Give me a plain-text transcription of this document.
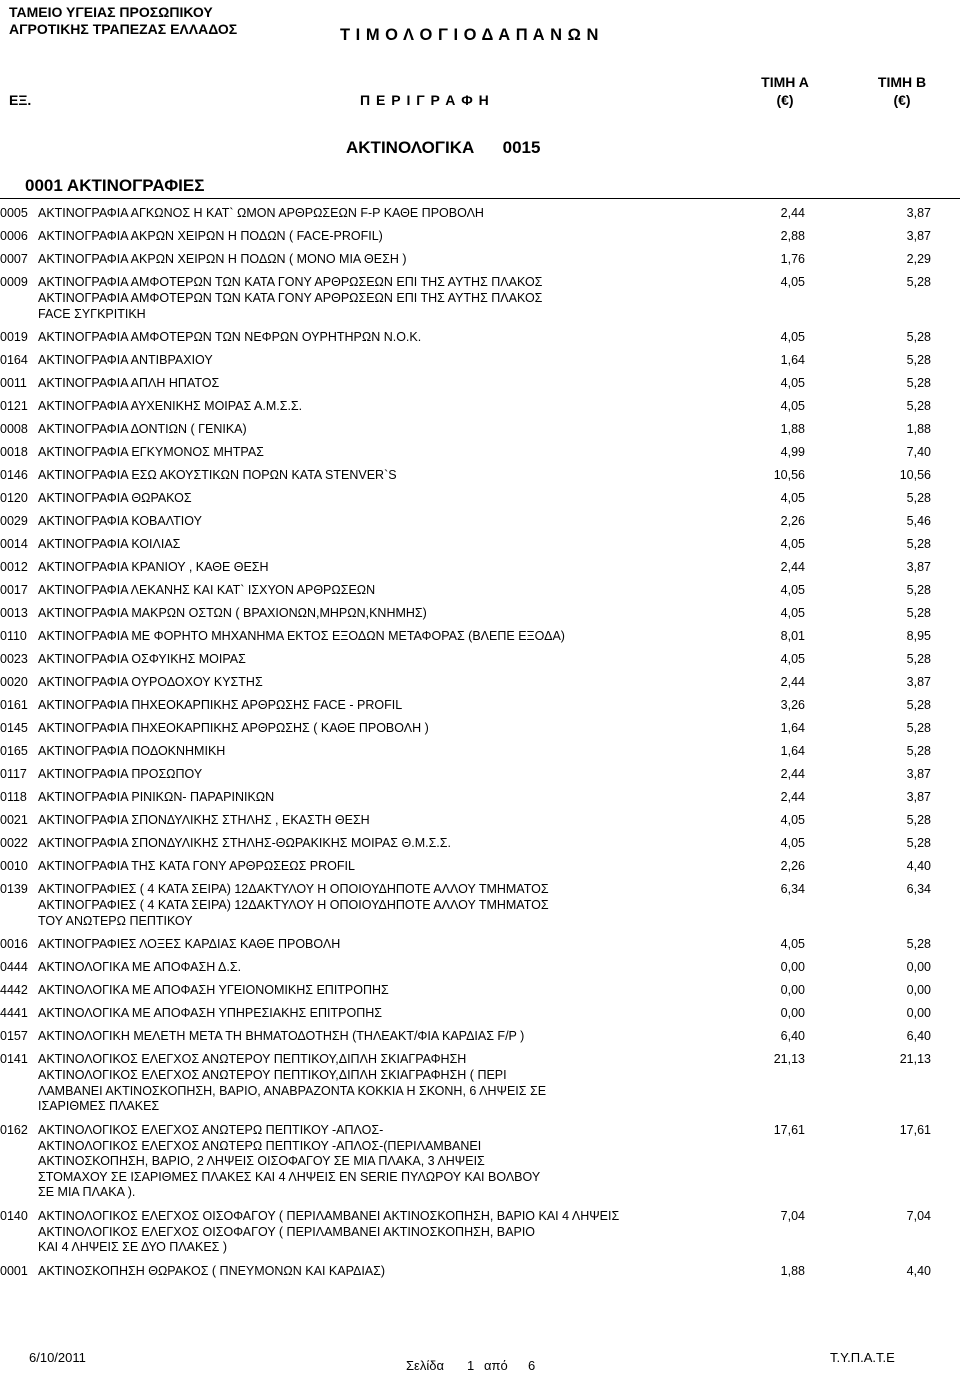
ΤΑΜΕΙΟ ΥΓΕΙΑΣ ΠΡΟΣΩΠΙΚΟΥ
ΑΓΡΟΤΙΚΗΣ ΤΡΑΠΕΖΑΣ ΕΛΛΑΔΟΣ	Τ Ι Μ Ο Λ Ο Γ Ι Ο Δ Α Π Α Ν Ω Ν
ΕΞ.	Π Ε Ρ Ι Γ Ρ Α Φ Η
ΤΙΜΗ Α
(€)
ΤΙΜΗ Β
(€)
ΑΚΤΙΝΟΛΟΓΙΚΑ      0015
0001 ΑΚΤΙΝΟΓΡΑΦΙΕΣ
0005 ΑΚΤΙΝΟΓΡΑΦΙΑ ΑΓΚΩΝΟΣ Η ΚΑΤ` ΩΜΟΝ ΑΡΘΡΩΣΕΩΝ F-P ΚΑΘΕ ΠΡΟΒΟΛΗ	2,44	3,87
0006 ΑΚΤΙΝΟΓΡΑΦΙΑ ΑΚΡΩΝ ΧΕΙΡΩΝ Η ΠΟΔΩΝ ( FACE-PROFIL)	2,88	3,87
0007 ΑΚΤΙΝΟΓΡΑΦΙΑ ΑΚΡΩΝ ΧΕΙΡΩΝ Η ΠΟΔΩΝ ( ΜΟΝΟ ΜΙΑ ΘΕΣΗ )	1,76	2,29
0009 ΑΚΤΙΝΟΓΡΑΦΙΑ ΑΜΦΟΤΕΡΩΝ ΤΩΝ ΚΑΤΑ ΓΟΝΥ ΑΡΘΡΩΣΕΩΝ ΕΠΙ ΤΗΣ ΑΥΤΗΣ ΠΛΑΚΟΣ	4,05	5,28
ΑΚΤΙΝΟΓΡΑΦΙΑ ΑΜΦΟΤΕΡΩΝ ΤΩΝ ΚΑΤΑ ΓΟΝΥ ΑΡΘΡΩΣΕΩΝ ΕΠΙ ΤΗΣ ΑΥΤΗΣ ΠΛΑΚΟΣ
FACE ΣΥΓΚΡΙΤΙΚΗ
0019 ΑΚΤΙΝΟΓΡΑΦΙΑ ΑΜΦΟΤΕΡΩΝ ΤΩΝ ΝΕΦΡΩΝ ΟΥΡΗΤΗΡΩΝ Ν.Ο.Κ.	4,05	5,28
0164 ΑΚΤΙΝΟΓΡΑΦΙΑ ΑΝΤΙΒΡΑΧΙΟΥ	1,64	5,28
0011 ΑΚΤΙΝΟΓΡΑΦΙΑ ΑΠΛΗ ΗΠΑΤΟΣ	4,05	5,28
0121 ΑΚΤΙΝΟΓΡΑΦΙΑ ΑΥΧΕΝΙΚΗΣ ΜΟΙΡΑΣ Α.Μ.Σ.Σ.	4,05	5,28
0008 ΑΚΤΙΝΟΓΡΑΦΙΑ ΔΟΝΤΙΩΝ ( ΓΕΝΙΚΑ)	1,88	1,88
0018 ΑΚΤΙΝΟΓΡΑΦΙΑ ΕΓΚΥΜΟΝΟΣ ΜΗΤΡΑΣ	4,99	7,40
0146 ΑΚΤΙΝΟΓΡΑΦΙΑ ΕΣΩ ΑΚΟΥΣΤΙΚΩΝ ΠΟΡΩΝ ΚΑΤΑ STENVER`S	10,56	10,56
0120 ΑΚΤΙΝΟΓΡΑΦΙΑ ΘΩΡΑΚΟΣ	4,05	5,28
0029 ΑΚΤΙΝΟΓΡΑΦΙΑ ΚΟΒΑΛΤΙΟΥ	2,26	5,46
0014 ΑΚΤΙΝΟΓΡΑΦΙΑ ΚΟΙΛΙΑΣ	4,05	5,28
0012 ΑΚΤΙΝΟΓΡΑΦΙΑ ΚΡΑΝΙΟΥ , ΚΑΘΕ ΘΕΣΗ	2,44	3,87
0017 ΑΚΤΙΝΟΓΡΑΦΙΑ ΛΕΚΑΝΗΣ ΚΑΙ ΚΑΤ` ΙΣΧΥΟΝ ΑΡΘΡΩΣΕΩΝ	4,05	5,28
0013 ΑΚΤΙΝΟΓΡΑΦΙΑ ΜΑΚΡΩΝ ΟΣΤΩΝ ( ΒΡΑΧΙΟΝΩΝ,ΜΗΡΩΝ,ΚΝΗΜΗΣ)	4,05	5,28
0110 ΑΚΤΙΝΟΓΡΑΦΙΑ ΜΕ ΦΟΡΗΤΟ ΜΗΧΑΝΗΜΑ ΕΚΤΟΣ ΕΞΟΔΩΝ ΜΕΤΑΦΟΡΑΣ (ΒΛΕΠΕ ΕΞΟΔΑ)	8,01	8,95
0023 ΑΚΤΙΝΟΓΡΑΦΙΑ ΟΣΦΥΙΚΗΣ ΜΟΙΡΑΣ	4,05	5,28
0020 ΑΚΤΙΝΟΓΡΑΦΙΑ ΟΥΡΟΔΟΧΟΥ ΚΥΣΤΗΣ	2,44	3,87
0161 ΑΚΤΙΝΟΓΡΑΦΙΑ ΠΗΧΕΟΚΑΡΠΙΚΗΣ ΑΡΘΡΩΣΗΣ FACE - PROFIL	3,26	5,28
0145 ΑΚΤΙΝΟΓΡΑΦΙΑ ΠΗΧΕΟΚΑΡΠΙΚΗΣ ΑΡΘΡΩΣΗΣ ( ΚΑΘΕ ΠΡΟΒΟΛΗ )	1,64	5,28
0165 ΑΚΤΙΝΟΓΡΑΦΙΑ ΠΟΔΟΚΝΗΜΙΚΗ	1,64	5,28
0117 ΑΚΤΙΝΟΓΡΑΦΙΑ ΠΡΟΣΩΠΟΥ	2,44	3,87
0118 ΑΚΤΙΝΟΓΡΑΦΙΑ ΡΙΝΙΚΩΝ- ΠΑΡΑΡΙΝΙΚΩΝ	2,44	3,87
0021 ΑΚΤΙΝΟΓΡΑΦΙΑ ΣΠΟΝΔΥΛΙΚΗΣ ΣΤΗΛΗΣ , ΕΚΑΣΤΗ ΘΕΣΗ	4,05	5,28
0022 ΑΚΤΙΝΟΓΡΑΦΙΑ ΣΠΟΝΔΥΛΙΚΗΣ ΣΤΗΛΗΣ-ΘΩΡΑΚΙΚΗΣ ΜΟΙΡΑΣ Θ.Μ.Σ.Σ.	4,05	5,28
0010 ΑΚΤΙΝΟΓΡΑΦΙΑ ΤΗΣ ΚΑΤΑ ΓΟΝΥ ΑΡΘΡΩΣΕΩΣ PROFIL	2,26	4,40
0139 ΑΚΤΙΝΟΓΡΑΦΙΕΣ ( 4 ΚΑΤΑ ΣΕΙΡΑ) 12ΔΑΚΤΥΛΟΥ Η ΟΠΟΙΟΥΔΗΠΟΤΕ ΑΛΛΟΥ ΤΜΗΜΑΤΟΣ	6,34	6,34
ΑΚΤΙΝΟΓΡΑΦΙΕΣ ( 4 ΚΑΤΑ ΣΕΙΡΑ) 12ΔΑΚΤΥΛΟΥ Η ΟΠΟΙΟΥΔΗΠΟΤΕ ΑΛΛΟΥ ΤΜΗΜΑΤΟΣ
ΤΟΥ ΑΝΩΤΕΡΩ ΠΕΠΤΙΚΟΥ
0016 ΑΚΤΙΝΟΓΡΑΦΙΕΣ ΛΟΞΕΣ ΚΑΡΔΙΑΣ ΚΑΘΕ ΠΡΟΒΟΛΗ	4,05	5,28
0444 ΑΚΤΙΝΟΛΟΓΙΚΑ ΜΕ ΑΠΟΦΑΣΗ Δ.Σ.	0,00	0,00
4442 ΑΚΤΙΝΟΛΟΓΙΚΑ ΜΕ ΑΠΟΦΑΣΗ ΥΓΕΙΟΝΟΜΙΚΗΣ ΕΠΙΤΡΟΠΗΣ	0,00	0,00
4441 ΑΚΤΙΝΟΛΟΓΙΚΑ ΜΕ ΑΠΟΦΑΣΗ ΥΠΗΡΕΣΙΑΚΗΣ ΕΠΙΤΡΟΠΗΣ	0,00	0,00
0157 ΑΚΤΙΝΟΛΟΓΙΚΗ ΜΕΛΕΤΗ ΜΕΤΑ ΤΗ ΒΗΜΑΤΟΔΟΤΗΣΗ (ΤΗΛΕΑΚΤ/ΦΙΑ ΚΑΡΔΙΑΣ F/P )	6,40	6,40
0141 ΑΚΤΙΝΟΛΟΓΙΚΟΣ ΕΛΕΓΧΟΣ ΑΝΩΤΕΡΟΥ ΠΕΠΤΙΚΟΥ,ΔΙΠΛΗ ΣΚΙΑΓΡΑΦΗΣΗ	21,13	21,13
ΑΚΤΙΝΟΛΟΓΙΚΟΣ ΕΛΕΓΧΟΣ ΑΝΩΤΕΡΟΥ ΠΕΠΤΙΚΟΥ,ΔΙΠΛΗ ΣΚΙΑΓΡΑΦΗΣΗ ( ΠΕΡΙ
ΛΑΜΒΑΝΕΙ ΑΚΤΙΝΟΣΚΟΠΗΣΗ, ΒΑΡΙΟ, ΑΝΑΒΡΑΖΟΝΤΑ ΚΟΚΚΙΑ Η ΣΚΟΝΗ, 6 ΛΗΨΕΙΣ ΣΕ
ΙΣΑΡΙΘΜΕΣ ΠΛΑΚΕΣ
0162 ΑΚΤΙΝΟΛΟΓΙΚΟΣ ΕΛΕΓΧΟΣ ΑΝΩΤΕΡΩ ΠΕΠΤΙΚΟΥ -ΑΠΛΟΣ-	17,61	17,61
ΑΚΤΙΝΟΛΟΓΙΚΟΣ ΕΛΕΓΧΟΣ ΑΝΩΤΕΡΩ ΠΕΠΤΙΚΟΥ -ΑΠΛΟΣ-(ΠΕΡΙΛΑΜΒΑΝΕΙ
ΑΚΤΙΝΟΣΚΟΠΗΣΗ, ΒΑΡΙΟ, 2 ΛΗΨΕΙΣ ΟΙΣΟΦΑΓΟΥ ΣΕ ΜΙΑ ΠΛΑΚΑ, 3 ΛΗΨΕΙΣ
ΣΤΟΜΑΧΟΥ ΣΕ ΙΣΑΡΙΘΜΕΣ ΠΛΑΚΕΣ ΚΑΙ 4 ΛΗΨΕΙΣ ΕΝ SERIE ΠΥΛΩΡΟΥ ΚΑΙ ΒΟΛΒΟΥ
ΣΕ ΜΙΑ ΠΛΑΚΑ ).
0140 ΑΚΤΙΝΟΛΟΓΙΚΟΣ ΕΛΕΓΧΟΣ ΟΙΣΟΦΑΓΟΥ ( ΠΕΡΙΛΑΜΒΑΝΕΙ ΑΚΤΙΝΟΣΚΟΠΗΣΗ, ΒΑΡΙΟ ΚΑΙ 4 ΛΗΨΕΙΣ	7,04	7,04
ΑΚΤΙΝΟΛΟΓΙΚΟΣ ΕΛΕΓΧΟΣ ΟΙΣΟΦΑΓΟΥ ( ΠΕΡΙΛΑΜΒΑΝΕΙ ΑΚΤΙΝΟΣΚΟΠΗΣΗ, ΒΑΡΙΟ
ΚΑΙ 4 ΛΗΨΕΙΣ ΣΕ ΔΥΟ ΠΛΑΚΕΣ )
0001 ΑΚΤΙΝΟΣΚΟΠΗΣΗ ΘΩΡΑΚΟΣ ( ΠΝΕΥΜΟΝΩΝ ΚΑΙ ΚΑΡΔΙΑΣ)	1,88	4,40
6/10/2011
Σελίδα 1 από 6
Τ.Υ.Π.Α.Τ.Ε
